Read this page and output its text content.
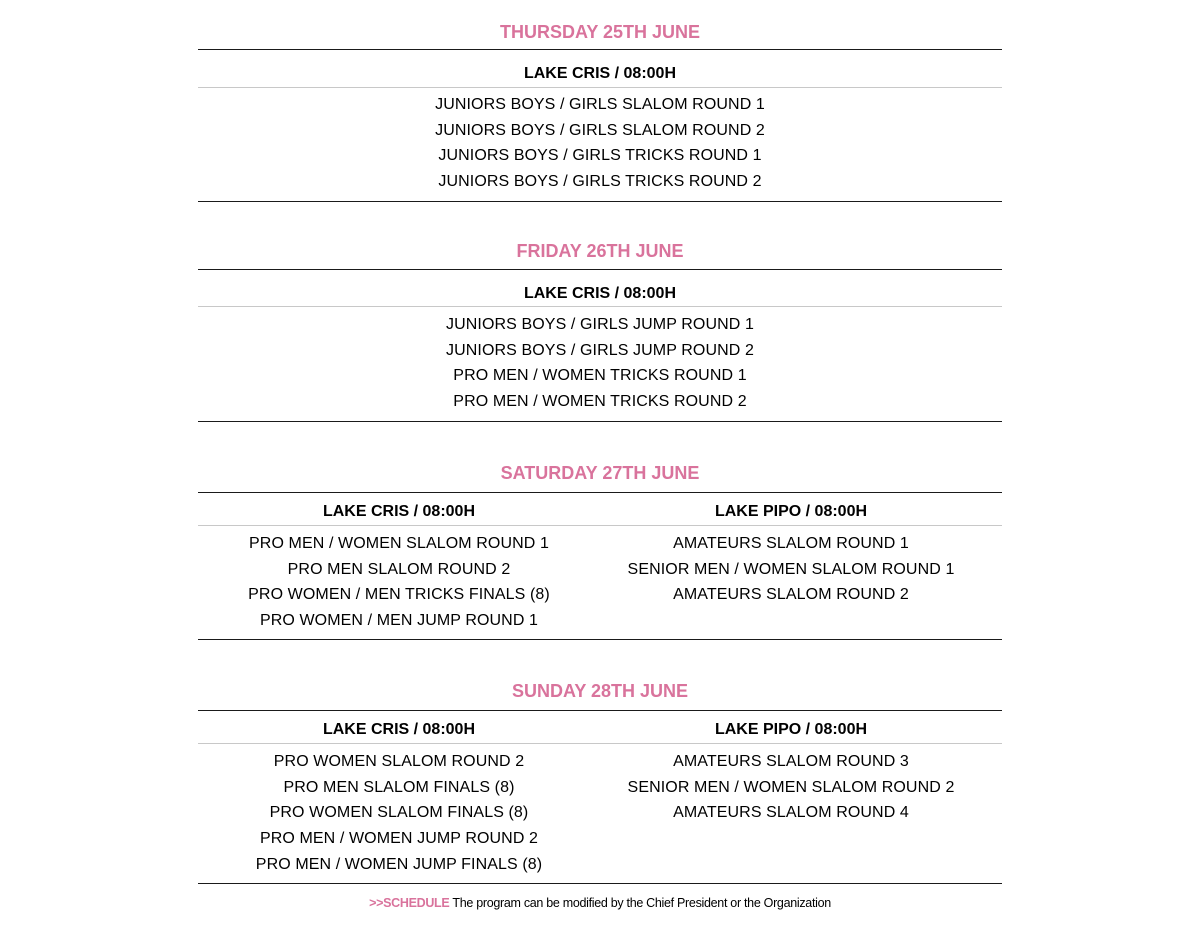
THURSDAY 25TH JUNE
LAKE CRIS / 08:00H
JUNIORS BOYS / GIRLS SLALOM ROUND 1
JUNIORS BOYS / GIRLS SLALOM ROUND 2
JUNIORS BOYS / GIRLS TRICKS ROUND 1
JUNIORS BOYS / GIRLS TRICKS ROUND 2
FRIDAY 26TH JUNE
LAKE CRIS / 08:00H
JUNIORS BOYS / GIRLS JUMP ROUND 1
JUNIORS BOYS / GIRLS JUMP ROUND 2
PRO MEN / WOMEN TRICKS ROUND 1
PRO MEN / WOMEN TRICKS ROUND 2
SATURDAY 27TH JUNE
LAKE CRIS / 08:00H	LAKE PIPO / 08:00H
PRO MEN / WOMEN SLALOM ROUND 1
PRO MEN SLALOM ROUND 2
PRO WOMEN / MEN TRICKS FINALS (8)
PRO WOMEN / MEN JUMP ROUND 1
AMATEURS SLALOM ROUND 1
SENIOR MEN / WOMEN SLALOM ROUND 1
AMATEURS SLALOM ROUND 2
SUNDAY 28TH JUNE
LAKE CRIS / 08:00H	LAKE PIPO / 08:00H
PRO WOMEN SLALOM ROUND 2
PRO MEN SLALOM FINALS (8)
PRO WOMEN SLALOM FINALS (8)
PRO MEN / WOMEN JUMP ROUND 2
PRO MEN / WOMEN JUMP FINALS (8)
AMATEURS SLALOM ROUND 3
SENIOR MEN / WOMEN SLALOM ROUND 2
AMATEURS SLALOM ROUND 4
>>SCHEDULE The program can be modified by the Chief President or the Organization
